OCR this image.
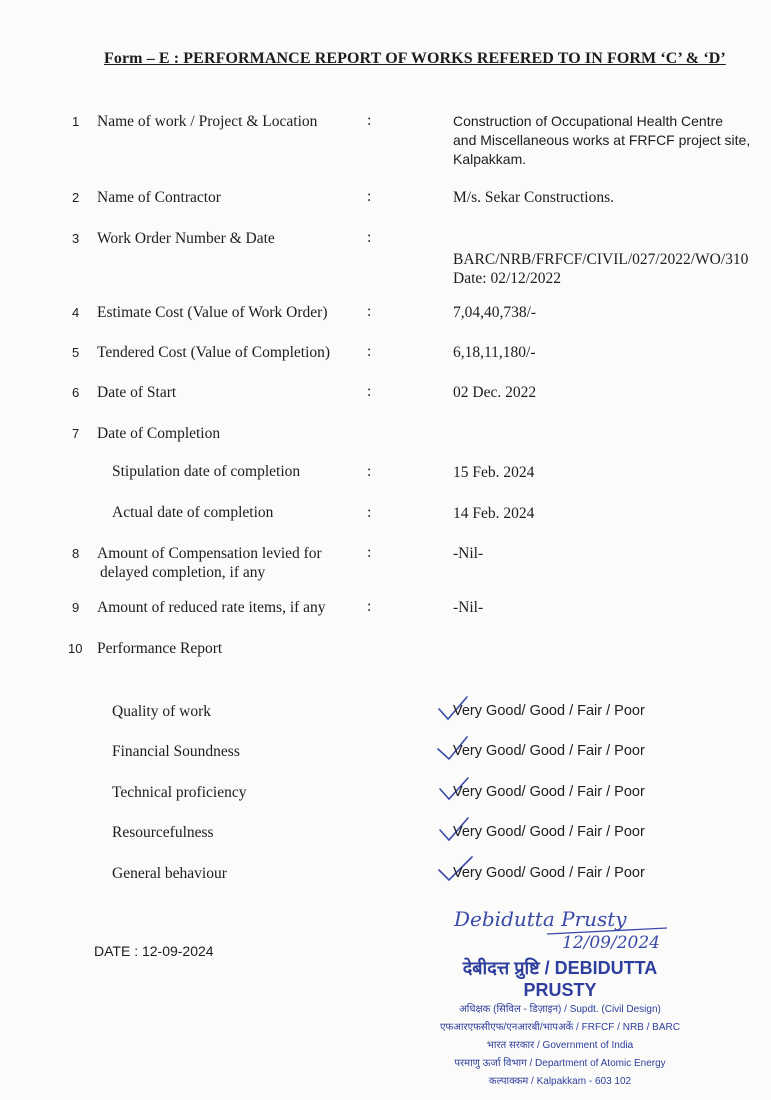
Form – E : PERFORMANCE REPORT OF WORKS REFERED TO IN FORM ‘C’ & ‘D’
1	Name of work / Project & Location	:	Construction of Occupational Health Centre
and Miscellaneous works at FRFCF project site,
Kalpakkam.
2	Name of Contractor	:	M/s. Sekar Constructions.
3	Work Order Number & Date	:
BARC/NRB/FRFCF/CIVIL/027/2022/WO/310
Date: 02/12/2022
4	Estimate Cost (Value of Work Order)	:	7,04,40,738/-
5	Tendered Cost (Value of Completion)	:	6,18,11,180/-
6	Date of Start	:	02 Dec. 2022
7	Date of Completion
Stipulation date of completion	:	15 Feb. 2024
Actual date of completion	:	14 Feb. 2024
8	Amount of Compensation levied for
delayed completion, if any
:	-Nil-
9	Amount of reduced rate items, if any	:	-Nil-
10 Performance Report
Quality of work	Very Good/ Good / Fair / Poor
Financial Soundness	Very Good/ Good / Fair / Poor
Technical proficiency	Very Good/ Good / Fair / Poor
Resourcefulness	Very Good/ Good / Fair / Poor
General behaviour	Very Good/ Good / Fair / Poor
Debidutta Prusty
12/09/2024
DATE : 12-09-2024
देबीदत्त प्रुष्टि / DEBIDUTTA PRUSTY
अधिक्षक (सिविल - डिज़ाइन) / Supdt. (Civil Design)
एफआरएफसीएफ/एनआरबी/भापअकें / FRFCF / NRB / BARC
भारत सरकार / Government of India
परमाणु ऊर्जा विभाग / Department of Atomic Energy
कल्पाक्कम / Kalpakkam - 603 102
